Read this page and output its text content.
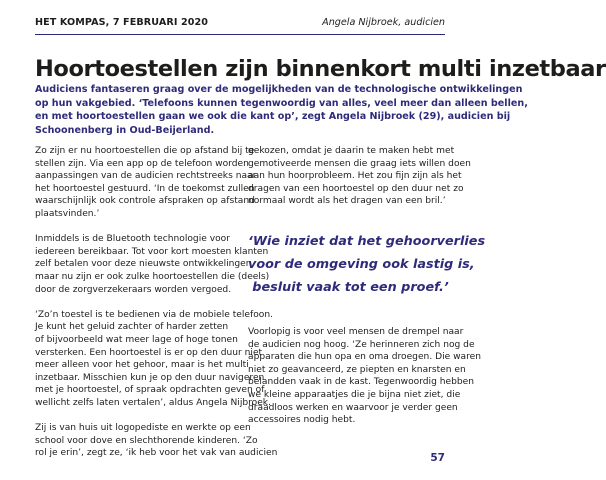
HET KOMPAS, 7 FEBRUARI 2020	Angela Nijbroek, audicien
Hoortoestellen zijn binnenkort multi inzetbaar
Audiciens fantaseren graag over de mogelijkheden van de technologische ontwikkelingen
op hun vakgebied. ‘Telefoons kunnen tegenwoordig van alles, veel meer dan alleen bellen,
en met hoortoestellen gaan we ook die kant op’, zegt Angela Nijbroek (29), audicien bij
Schoonenberg in Oud-Beijerland.

Zo zijn er nu hoortoestellen die op afstand bij te
stellen zijn. Via een app op de telefoon worden
aanpassingen van de audicien rechtstreeks naar
het hoortoestel gestuurd. ‘In de toekomst zullen
waarschijnlijk ook controle afspraken op afstand
plaatsvinden.’

Inmiddels is de Bluetooth technologie voor
iedereen bereikbaar. Tot voor kort moesten klanten
zelf betalen voor deze nieuwste ontwikkelingen,
maar nu zijn er ook zulke hoortoestellen die (deels)
door de zorgverzekeraars worden vergoed.

‘Zo’n toestel is te bedienen via de mobiele telefoon.
Je kunt het geluid zachter of harder zetten
of bijvoorbeeld wat meer lage of hoge tonen
versterken. Een hoortoestel is er op den duur niet
meer alleen voor het gehoor, maar is het multi
inzetbaar. Misschien kun je op den duur navigeren
met je hoortoestel, of spraak opdrachten geven of
wellicht zelfs laten vertalen’, aldus Angela Nijbroek.

Zij is van huis uit logopediste en werkte op een
school voor dove en slechthorende kinderen. ‘Zo
rol je erin’, zegt ze, ‘ik heb voor het vak van audicien

gekozen, omdat je daarin te maken hebt met
gemotiveerde mensen die graag iets willen doen
aan hun hoorprobleem. Het zou fijn zijn als het
dragen van een hoortoestel op den duur net zo
normaal wordt als het dragen van een bril.’

‘Wie inziet dat het gehoorverlies
voor de omgeving ook lastig is,
besluit vaak tot een proef.’

Voorlopig is voor veel mensen de drempel naar
de audicien nog hoog. ‘Ze herinneren zich nog de
apparaten die hun opa en oma droegen. Die waren
niet zo geavanceerd, ze piepten en knarsten en
belandden vaak in de kast. Tegenwoordig hebben
we kleine apparaatjes die je bijna niet ziet, die
draadloos werken en waarvoor je verder geen
accessoires nodig hebt.

57
